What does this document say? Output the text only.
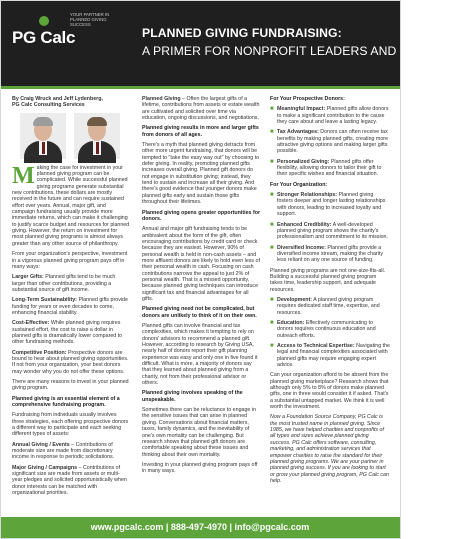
PG Calc
YOUR PARTNER IN PLANNED GIVING SUCCESS
PLANNED GIVING FUNDRAISING:
A PRIMER FOR NONPROFIT LEADERS AND BOARDS

By Craig Wruck and Jeff Lydenberg,
PG Calc Consulting Services

Making the case for investment in your planned giving program can be complicated. While successful planned giving programs generate substantial new contributions, these dollars are mostly received in the future and can require sustained effort over years. Annual, major gift, and campaign fundraising usually provide more immediate returns, which can make it challenging to justify scarce budget and resources for planned giving. However, the return on investment for most planned giving programs is almost always greater than any other source of philanthropy.

From your organization's perspective, investment in a vigorous planned giving program pays off in many ways:

Larger Gifts: Planned gifts tend to be much larger than other contributions, providing a substantial source of gift income.

Long-Term Sustainability: Planned gifts provide funding for years or even decades to come, enhancing financial stability.

Cost-Effective: While planned giving requires sustained effort, the cost to raise a dollar in planned gifts is dramatically lower compared to other fundraising methods.

Competitive Position: Prospective donors are bound to hear about planned giving opportunities. If not from your organization, your best donors may wonder why you do not offer these options.

There are many reasons to invest in your planned giving program.

Planned giving is an essential element of a comprehensive fundraising program.

Fundraising from individuals usually involves three strategies, each offering prospective donors a different way to participate and each seeking different types of assets:

Annual Giving / Events – Contributions of moderate size are made from discretionary income in response to periodic solicitations.

Major Giving / Campaigns – Contributions of significant size are made from assets or multi-year pledges and solicited opportunistically when donor interests can be matched with organizational priorities.

Planned Giving – Often the largest gifts of a lifetime, contributions from assets or estate wealth are cultivated and solicited over time via education, ongoing discussions, and negotiations.

Planned giving results in more and larger gifts from donors of all ages.

There's a myth that planned giving detracts from other more urgent fundraising, that donors will be tempted to "take the easy way out" by choosing to defer giving. In reality, promoting planned gifts increases overall giving. Planned gift donors do not engage in substitution giving; instead, they tend to sustain and increase all their giving. And there's good evidence that younger donors make planned gifts early and sustain those gifts throughout their lifetimes.

Planned giving opens greater opportunities for donors.

Annual and major gift fundraising tends to be ambivalent about the form of the gift, often encouraging contributions by credit card or check because they are easiest. However, 90% of personal wealth is held in non-cash assets – and more affluent donors are likely to hold even less of their personal wealth in cash. Focusing on cash contributions narrows the appeal to just 2% of personal wealth. That is a missed opportunity, because planned giving techniques can introduce significant tax and financial advantages for all gifts.

Planned giving need not be complicated, but donors are unlikely to think of it on their own.

Planned gifts can involve financial and tax complexities, which makes it tempting to rely on donors' advisors to recommend a planned gift. However, according to research by Giving USA, nearly half of donors report their gift planning experience was easy and only one in five found it difficult. What is more, a majority of donors say that they learned about planned giving from a charity, not from their professional advisor or others.

Planned giving involves speaking of the unspeakable.

Sometimes there can be reluctance to engage in the sensitive issues that can arise in planned giving. Conversations about financial matters, taxes, family dynamics, and the inevitability of one's own mortality can be challenging. But research shows that planned gift donors are comfortable speaking about these issues and thinking about their own mortality.

Investing in your planned giving program pays off in many ways.

For Your Prospective Donors:

■ Meaningful Impact: Planned gifts allow donors to make a significant contribution to the cause they care about and leave a lasting legacy.

■ Tax Advantages: Donors can often receive tax benefits by making planned gifts, creating more attractive giving options and making larger gifts possible.

■ Personalized Giving: Planned gifts offer flexibility, allowing donors to tailor their gift to their specific wishes and financial situation.

For Your Organization:

■ Stronger Relationships: Planned giving fosters deeper and longer lasting relationships with donors, leading to increased loyalty and support.

■ Enhanced Credibility: A well-developed planned giving program shows the charity's professionalism and commitment to its mission.

■ Diversified Income: Planned gifts provide a diversified income stream, making the charity less reliant on any one source of funding.

Planned giving programs are not one-size-fits-all. Building a successful planned giving program takes time, leadership support, and adequate resources.

■ Development: A planned giving program requires dedicated staff time, expertise, and resources.

■ Education: Effectively communicating to donors requires continuous education and outreach efforts.

■ Access to Technical Expertise: Navigating the legal and financial complexities associated with planned gifts may require engaging expert advice.

Can your organization afford to be absent from the planned giving marketplace? Research shows that although only 5% to 8% of donors make planned gifts, one in three would consider it if asked. That's a substantial untapped market. We think it is well worth the investment.

Now a Foundation Source Company, PG Calc is the most trusted name in planned giving. Since 1985, we have helped charities and nonprofits of all types and sizes achieve planned giving success. PG Calc offers software, consulting, marketing, and administration services that empower charities to raise the standard for their planned giving programs. We are your partner in planned giving success. If you are looking to start or grow your planned giving program, PG Calc can help.

www.pgcalc.com | 888-497-4970 | info@pgcalc.com
